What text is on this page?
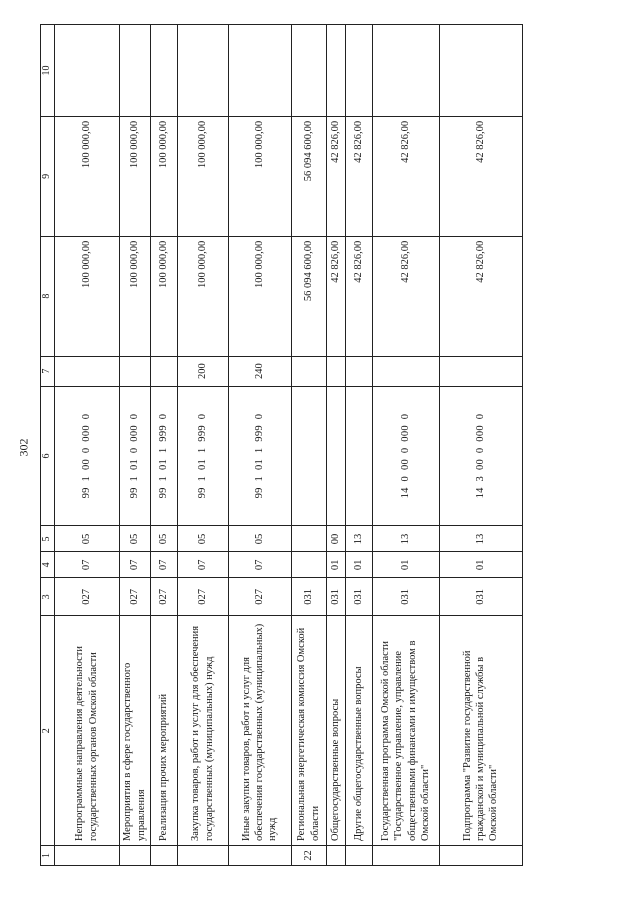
302
1	2	3	4	5	6	7	8	9	10
	Непрограммные направления деятельности государственных органов Омской области	027	07	05	99  1  00  0  000  0		100 000,00	100 000,00	
	Мероприятия в сфере государственного управления	027	07	05	99  1  01  0  000  0		100 000,00	100 000,00	
	Реализация прочих мероприятий	027	07	05	99  1  01  1  999  0		100 000,00	100 000,00	
	Закупка товаров, работ и услуг для обеспечения государственных (муниципальных) нужд	027	07	05	99  1  01  1  999  0	200	100 000,00	100 000,00	
	Иные закупки товаров, работ и услуг для обеспечения государственных (муниципальных) нужд	027	07	05	99  1  01  1  999  0	240	100 000,00	100 000,00	
22	Региональная энергетическая комиссия Омской области	031					56 094 600,00	56 094 600,00	
	Общегосударственные вопросы	031	01	00			42 826,00	42 826,00	
	Другие общегосударственные вопросы	031	01	13			42 826,00	42 826,00	
	Государственная программа Омской области "Государственное управление, управление общественными финансами и имуществом в Омской области"	031	01	13	14  0  00  0  000  0		42 826,00	42 826,00	
	Подпрограмма "Развитие государственной гражданской и муниципальной службы в Омской области"	031	01	13	14  3  00  0  000  0		42 826,00	42 826,00	
